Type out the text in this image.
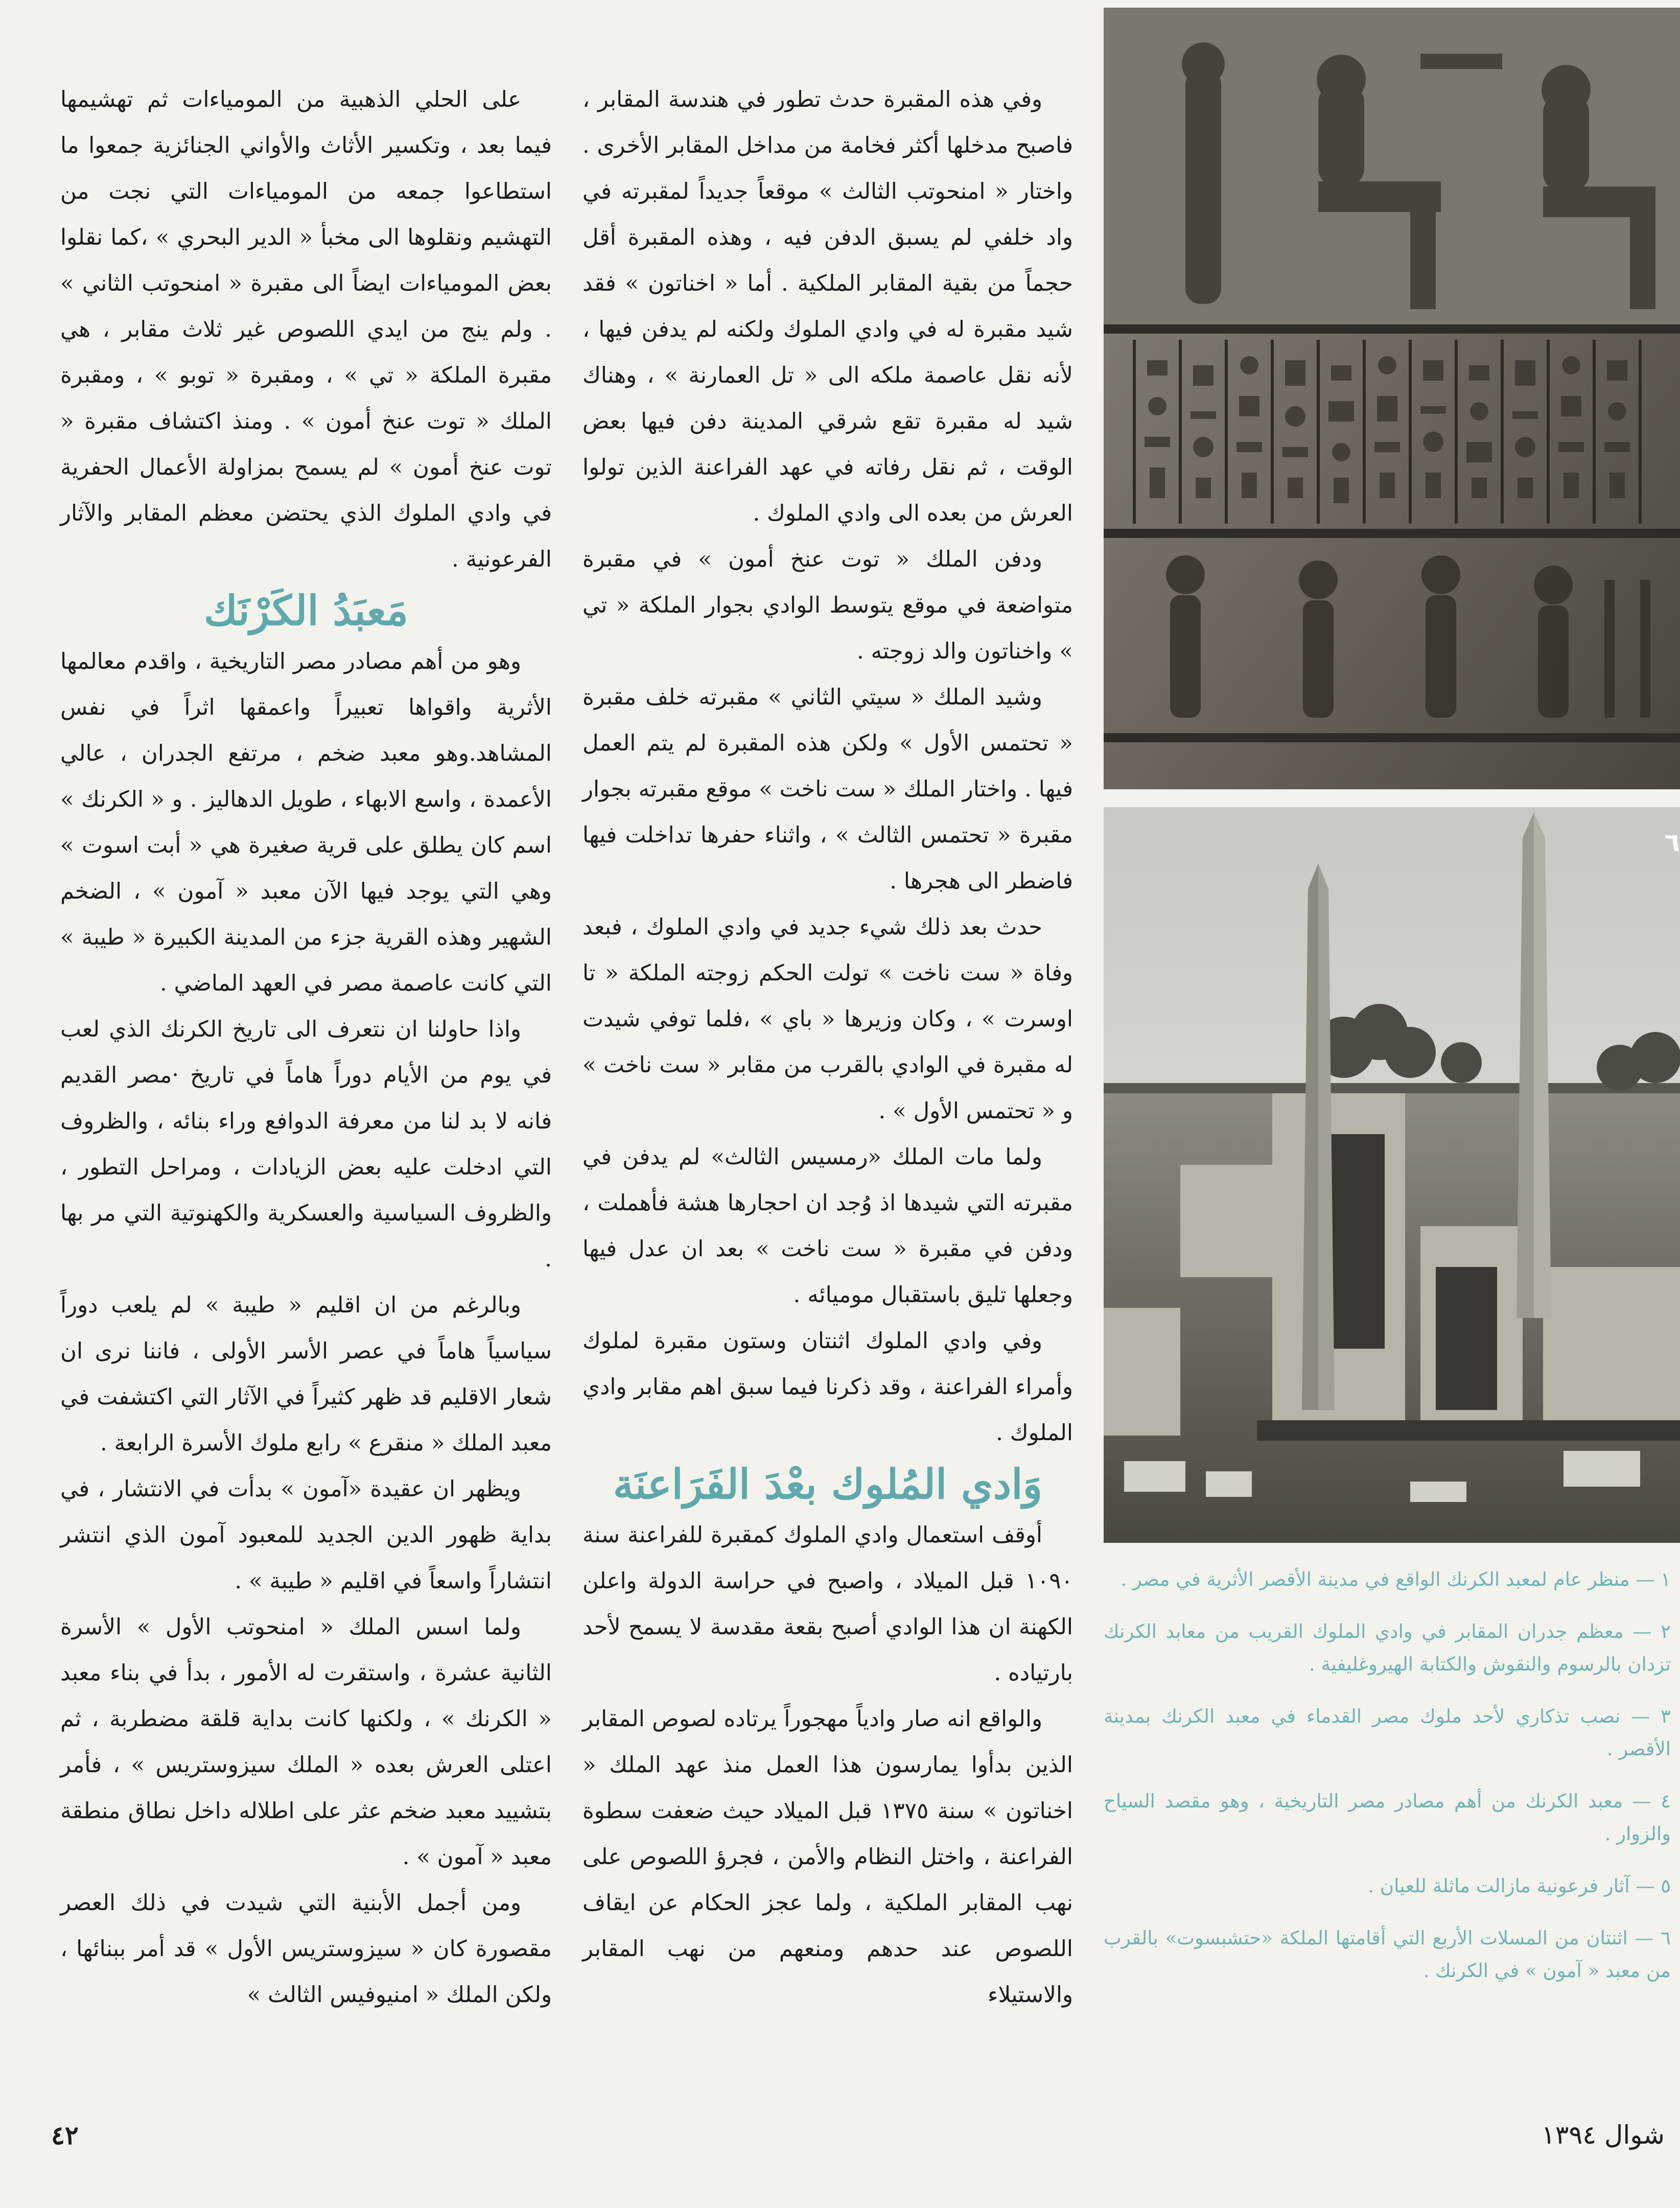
على الحلي الذهبية من المومياءات ثم تهشيمها فيما بعد ، وتكسير الأثاث والأواني الجنائزية جمعوا ما استطاعوا جمعه من المومياءات التي نجت من التهشيم ونقلوها الى مخبأ « الدير البحري » ،كما نقلوا بعض المومياءات ايضاً الى مقبرة « امنحوتب الثاني » . ولم ينج من ايدي اللصوص غير ثلاث مقابر ، هي مقبرة الملكة « تي » ، ومقبرة « توبو » ، ومقبرة الملك « توت عنخ أمون » . ومنذ اكتشاف مقبرة « توت عنخ أمون » لم يسمح بمزاولة الأعمال الحفرية في وادي الملوك الذي يحتضن معظم المقابر والآثار الفرعونية .

مَعبَدُ الكَرْنَك

وهو من أهم مصادر مصر التاريخية ، واقدم معالمها الأثرية واقواها تعبيراً واعمقها اثراً في نفس المشاهد.وهو معبد ضخم ، مرتفع الجدران ، عالي الأعمدة ، واسع الابهاء ، طويل الدهاليز . و « الكرنك » اسم كان يطلق على قرية صغيرة هي « أبت اسوت » وهي التي يوجد فيها الآن معبد « آمون » ، الضخم الشهير وهذه القرية جزء من المدينة الكبيرة « طيبة » التي كانت عاصمة مصر في العهد الماضي .

واذا حاولنا ان نتعرف الى تاريخ الكرنك الذي لعب في يوم من الأيام دوراً هاماً في تاريخ ·مصر القديم فانه لا بد لنا من معرفة الدوافع وراء بنائه ، والظروف التي ادخلت عليه بعض الزيادات ، ومراحل التطور ، والظروف السياسية والعسكرية والكهنوتية التي مر بها .

وبالرغم من ان اقليم « طيبة » لم يلعب دوراً سياسياً هاماً في عصر الأسر الأولى ، فاننا نرى ان شعار الاقليم قد ظهر كثيراً في الآثار التي اكتشفت في معبد الملك « منقرع » رابع ملوك الأسرة الرابعة .

ويظهر ان عقيدة «آمون » بدأت في الانتشار ، في بداية ظهور الدين الجديد للمعبود آمون الذي انتشر انتشاراً واسعاً في اقليم « طيبة » .

ولما اسس الملك « امنحوتب الأول » الأسرة الثانية عشرة ، واستقرت له الأمور ، بدأ في بناء معبد « الكرنك » ، ولكنها كانت بداية قلقة مضطربة ، ثم اعتلى العرش بعده « الملك سيزوستريس » ، فأمر بتشييد معبد ضخم عثر على اطلاله داخل نطاق منطقة معبد « آمون » .

ومن أجمل الأبنية التي شيدت في ذلك العصر مقصورة كان « سيزوستريس الأول » قد أمر ببنائها ، ولكن الملك « امنيوفيس الثالث »

وفي هذه المقبرة حدث تطور في هندسة المقابر ، فاصبح مدخلها أكثر فخامة من مداخل المقابر الأخرى . واختار « امنحوتب الثالث » موقعاً جديداً لمقبرته في واد خلفي لم يسبق الدفن فيه ، وهذه المقبرة أقل حجماً من بقية المقابر الملكية . أما « اخناتون » فقد شيد مقبرة له في وادي الملوك ولكنه لم يدفن فيها ، لأنه نقل عاصمة ملكه الى « تل العمارنة » ، وهناك شيد له مقبرة تقع شرقي المدينة دفن فيها بعض الوقت ، ثم نقل رفاته في عهد الفراعنة الذين تولوا العرش من بعده الى وادي الملوك .

ودفن الملك « توت عنخ أمون » في مقبرة متواضعة في موقع يتوسط الوادي بجوار الملكة « تي » واخناتون والد زوجته .

وشيد الملك « سيتي الثاني » مقبرته خلف مقبرة « تحتمس الأول » ولكن هذه المقبرة لم يتم العمل فيها . واختار الملك « ست ناخت » موقع مقبرته بجوار مقبرة « تحتمس الثالث » ، واثناء حفرها تداخلت فيها فاضطر الى هجرها .

حدث بعد ذلك شيء جديد في وادي الملوك ، فبعد وفاة « ست ناخت » تولت الحكم زوجته الملكة « تا اوسرت » ، وكان وزيرها « باي » ،فلما توفي شيدت له مقبرة في الوادي بالقرب من مقابر « ست ناخت » و « تحتمس الأول » .

ولما مات الملك «رمسيس الثالث» لم يدفن في مقبرته التي شيدها اذ وُجد ان احجارها هشة فأهملت ، ودفن في مقبرة « ست ناخت » بعد ان عدل فيها وجعلها تليق باستقبال موميائه .

وفي وادي الملوك اثنتان وستون مقبرة لملوك وأمراء الفراعنة ، وقد ذكرنا فيما سبق اهم مقابر وادي الملوك .

وَادي المُلوك بعْدَ الفَرَاعنَة

أوقف استعمال وادي الملوك كمقبرة للفراعنة سنة ١٠٩٠ قبل الميلاد ، واصبح في حراسة الدولة واعلن الكهنة ان هذا الوادي أصبح بقعة مقدسة لا يسمح لأحد بارتياده .

والواقع انه صار وادياً مهجوراً يرتاده لصوص المقابر الذين بدأوا يمارسون هذا العمل منذ عهد الملك « اخناتون » سنة ١٣٧٥ قبل الميلاد حيث ضعفت سطوة الفراعنة ، واختل النظام والأمن ، فجرؤ اللصوص على نهب المقابر الملكية ، ولما عجز الحكام عن ايقاف اللصوص عند حدهم ومنعهم من نهب المقابر والاستيلاء

٦

١ — منظر عام لمعبد الكرنك الواقع في مدينة الأقصر الأثرية في مصر .

٢ — معظم جدران المقابر في وادي الملوك القريب من معابد الكرنك تزدان بالرسوم والنقوش والكتابة الهيروغليفية .

٣ — نصب تذكاري لأحد ملوك مصر القدماء في معبد الكرنك بمدينة الأقصر .

٤ — معبد الكرنك من أهم مصادر مصر التاريخية ، وهو مقصد السياح والزوار .

٥ — آثار فرعونية مازالت ماثلة للعيان .

٦ — اثنتان من المسلات الأربع التي أقامتها الملكة «حتشبسوت» بالقرب من معبد « آمون » في الكرنك .

٤٢	شوال ١٣٩٤
